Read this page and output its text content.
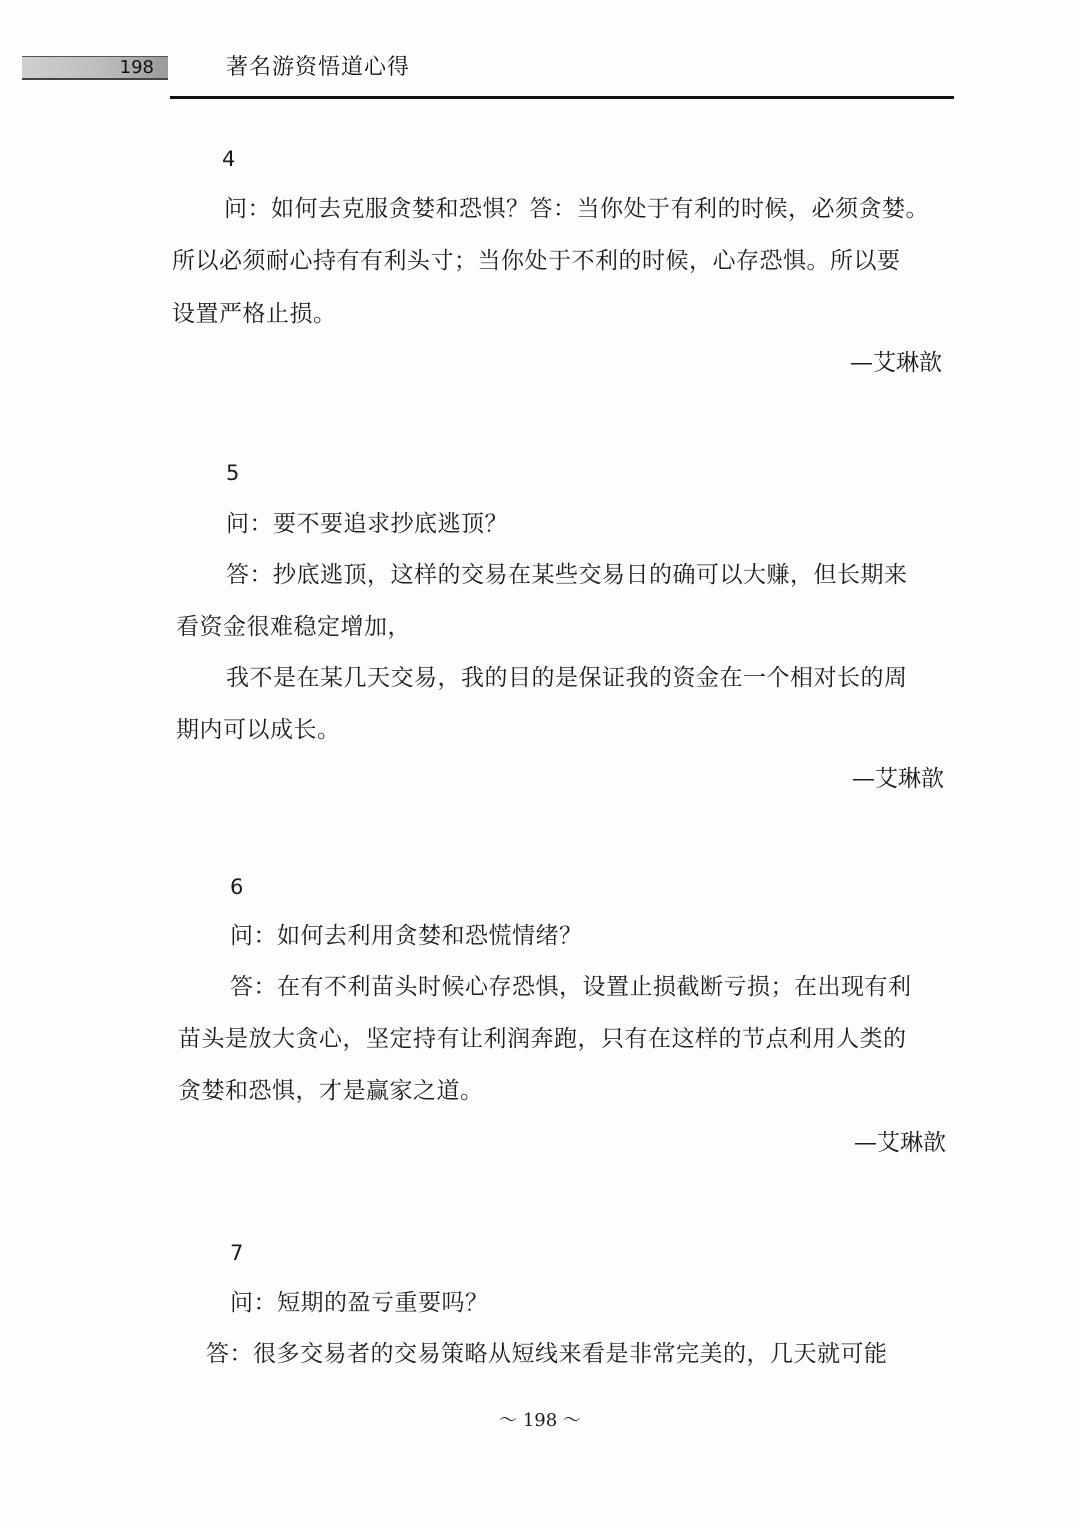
198	著名游资悟道心得
4
问：如何去克服贪婪和恐惧？答：当你处于有利的时候，必须贪婪。
所以必须耐心持有有利头寸；当你处于不利的时候，心存恐惧。所以要
设置严格止损。
—艾琳歆
5
问：要不要追求抄底逃顶？
答：抄底逃顶，这样的交易在某些交易日的确可以大赚，但长期来
看资金很难稳定增加，
我不是在某几天交易，我的目的是保证我的资金在一个相对长的周
期内可以成长。
—艾琳歆
6
问：如何去利用贪婪和恐慌情绪？
答：在有不利苗头时候心存恐惧，设置止损截断亏损；在出现有利
苗头是放大贪心，坚定持有让利润奔跑，只有在这样的节点利用人类的
贪婪和恐惧，才是赢家之道。
—艾琳歆
7
问：短期的盈亏重要吗？
答：很多交易者的交易策略从短线来看是非常完美的，几天就可能
～ 198 ～
